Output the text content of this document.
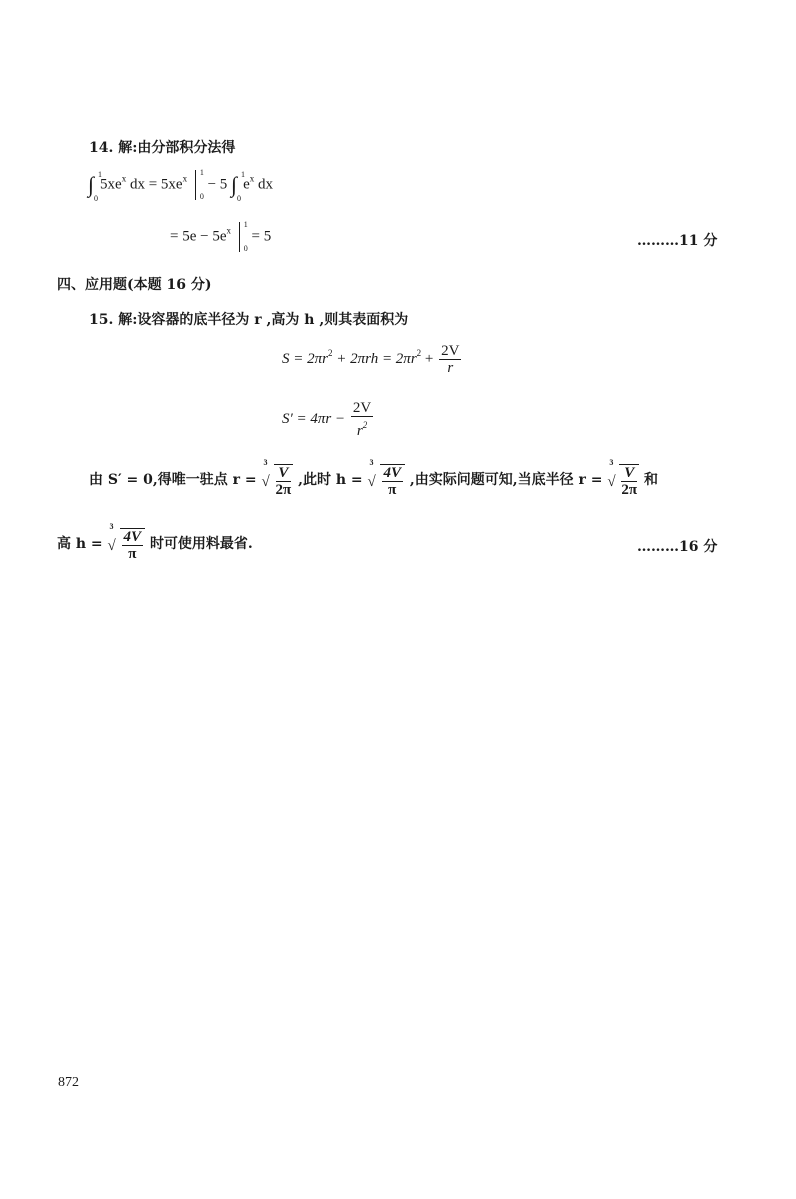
14. 解:由分部积分法得
∫ 1
0
$5xe^x$ dx = $5xe^x$
1
0
− 5 ∫ 1
0
$e^x$ dx
= $5e - 5e^x$
1
0
= 5	………11 分
四、应用题(本题 16 分)
15. 解:设容器的底半径为 r ,高为 h ,则其表面积为
$S = 2\pi r^2 + 2\pi rh = 2\pi r^2 + \frac{2V}{r}$
$S' = 4\pi r - \frac{2V}{r^2}$
由 S′ = 0,得唯一驻点 r =
3
√ $\frac{V}{2\pi}$ ,此时 h =
3
√ $\frac{4V}{\pi}$ ,由实际问题可知,当底半径 r =
3
√ $\frac{V}{2\pi}$ 和
高 h =
3
√ $\frac{4V}{\pi}$ 时可使用料最省.	………16 分
872
